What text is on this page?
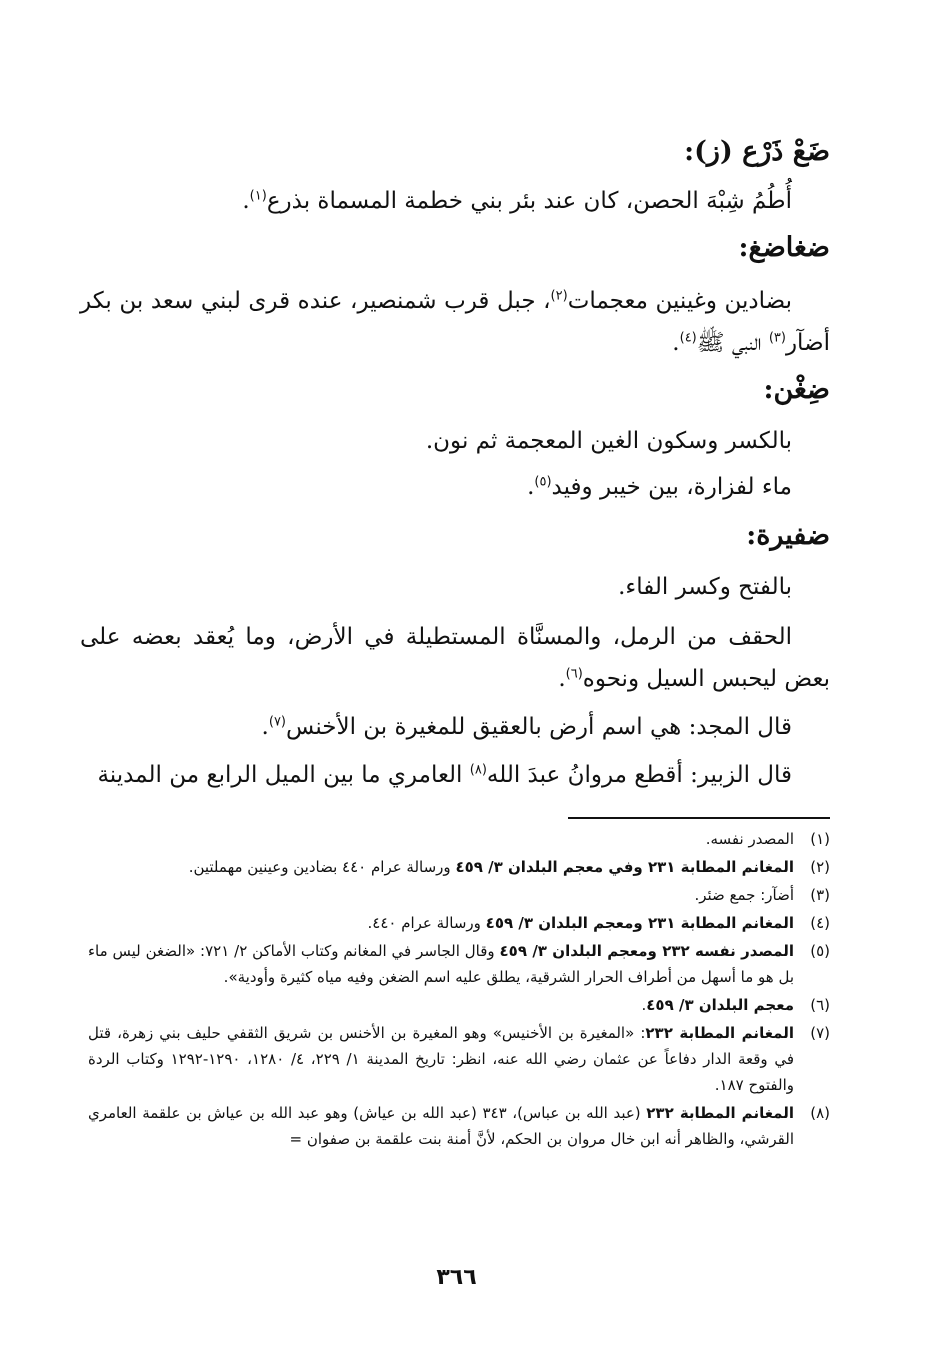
ضَعْ ذَرْع (ز):
أُطُمُ شِبْهَ الحصن، كان عند بئر بني خطمة المسماة بذرع$^{(١)}$.
ضغاضغ:
بضادين وغينين معجمات$^{(٢)}$، جبل قرب شمنصير، عنده قرى لبني سعد بن بكر أضآر$^{(٣)}$ النبي ﷺ$^{(٤)}$.
ضِغْن:
بالكسر وسكون الغين المعجمة ثم نون.
ماء لفزارة، بين خيبر وفيد$^{(٥)}$.
ضفيرة:
بالفتح وكسر الفاء.
الحقف من الرمل، والمسنَّاة المستطيلة في الأرض، وما يُعقد بعضه على بعض ليحبس السيل ونحوه$^{(٦)}$.
قال المجد: هي اسم أرض بالعقيق للمغيرة بن الأخنس$^{(٧)}$.
قال الزبير: أقطع مروانُ عبدَ الله$^{(٨)}$ العامري ما بين الميل الرابع من المدينة
(١)
المصدر نفسه.
(٢)
المغانم المطابة ٢٣١ وفي معجم البلدان ٣/ ٤٥٩ ورسالة عرام ٤٤٠ بضادين وعينين مهملتين.
(٣)
أضآر: جمع ضئر.
(٤)
المغانم المطابة ٢٣١ ومعجم البلدان ٣/ ٤٥٩ ورسالة عرام ٤٤٠.
(٥)
المصدر نفسه ٢٣٢ ومعجم البلدان ٣/ ٤٥٩ وقال الجاسر في المغانم وكتاب الأماكن ٢/ ٧٢١: «الضغن ليس ماء بل هو ما أسهل من أطراف الحرار الشرقية، يطلق عليه اسم الضغن وفيه مياه كثيرة وأودية».
(٦)
معجم البلدان ٣/ ٤٥٩.
(٧)
المغانم المطابة ٢٣٢: «المغيرة بن الأخنيس» وهو المغيرة بن الأخنس بن شريق الثقفي حليف بني زهرة، قتل في وقعة الدار دفاعاً عن عثمان رضي الله عنه، انظر: تاريخ المدينة ١/ ٢٢٩، ٤/ ١٢٨٠، ١٢٩٠-١٢٩٢ وكتاب الردة والفتوح ١٨٧.
(٨)
المغانم المطابة ٢٣٢ (عبد الله بن عباس)، ٣٤٣ (عبد الله بن عياش) وهو عبد الله بن عياش بن علقمة العامري القرشي، والظاهر أنه ابن خال مروان بن الحكم، لأنَّ أمنة بنت علقمة بن صفوان =
٣٦٦
